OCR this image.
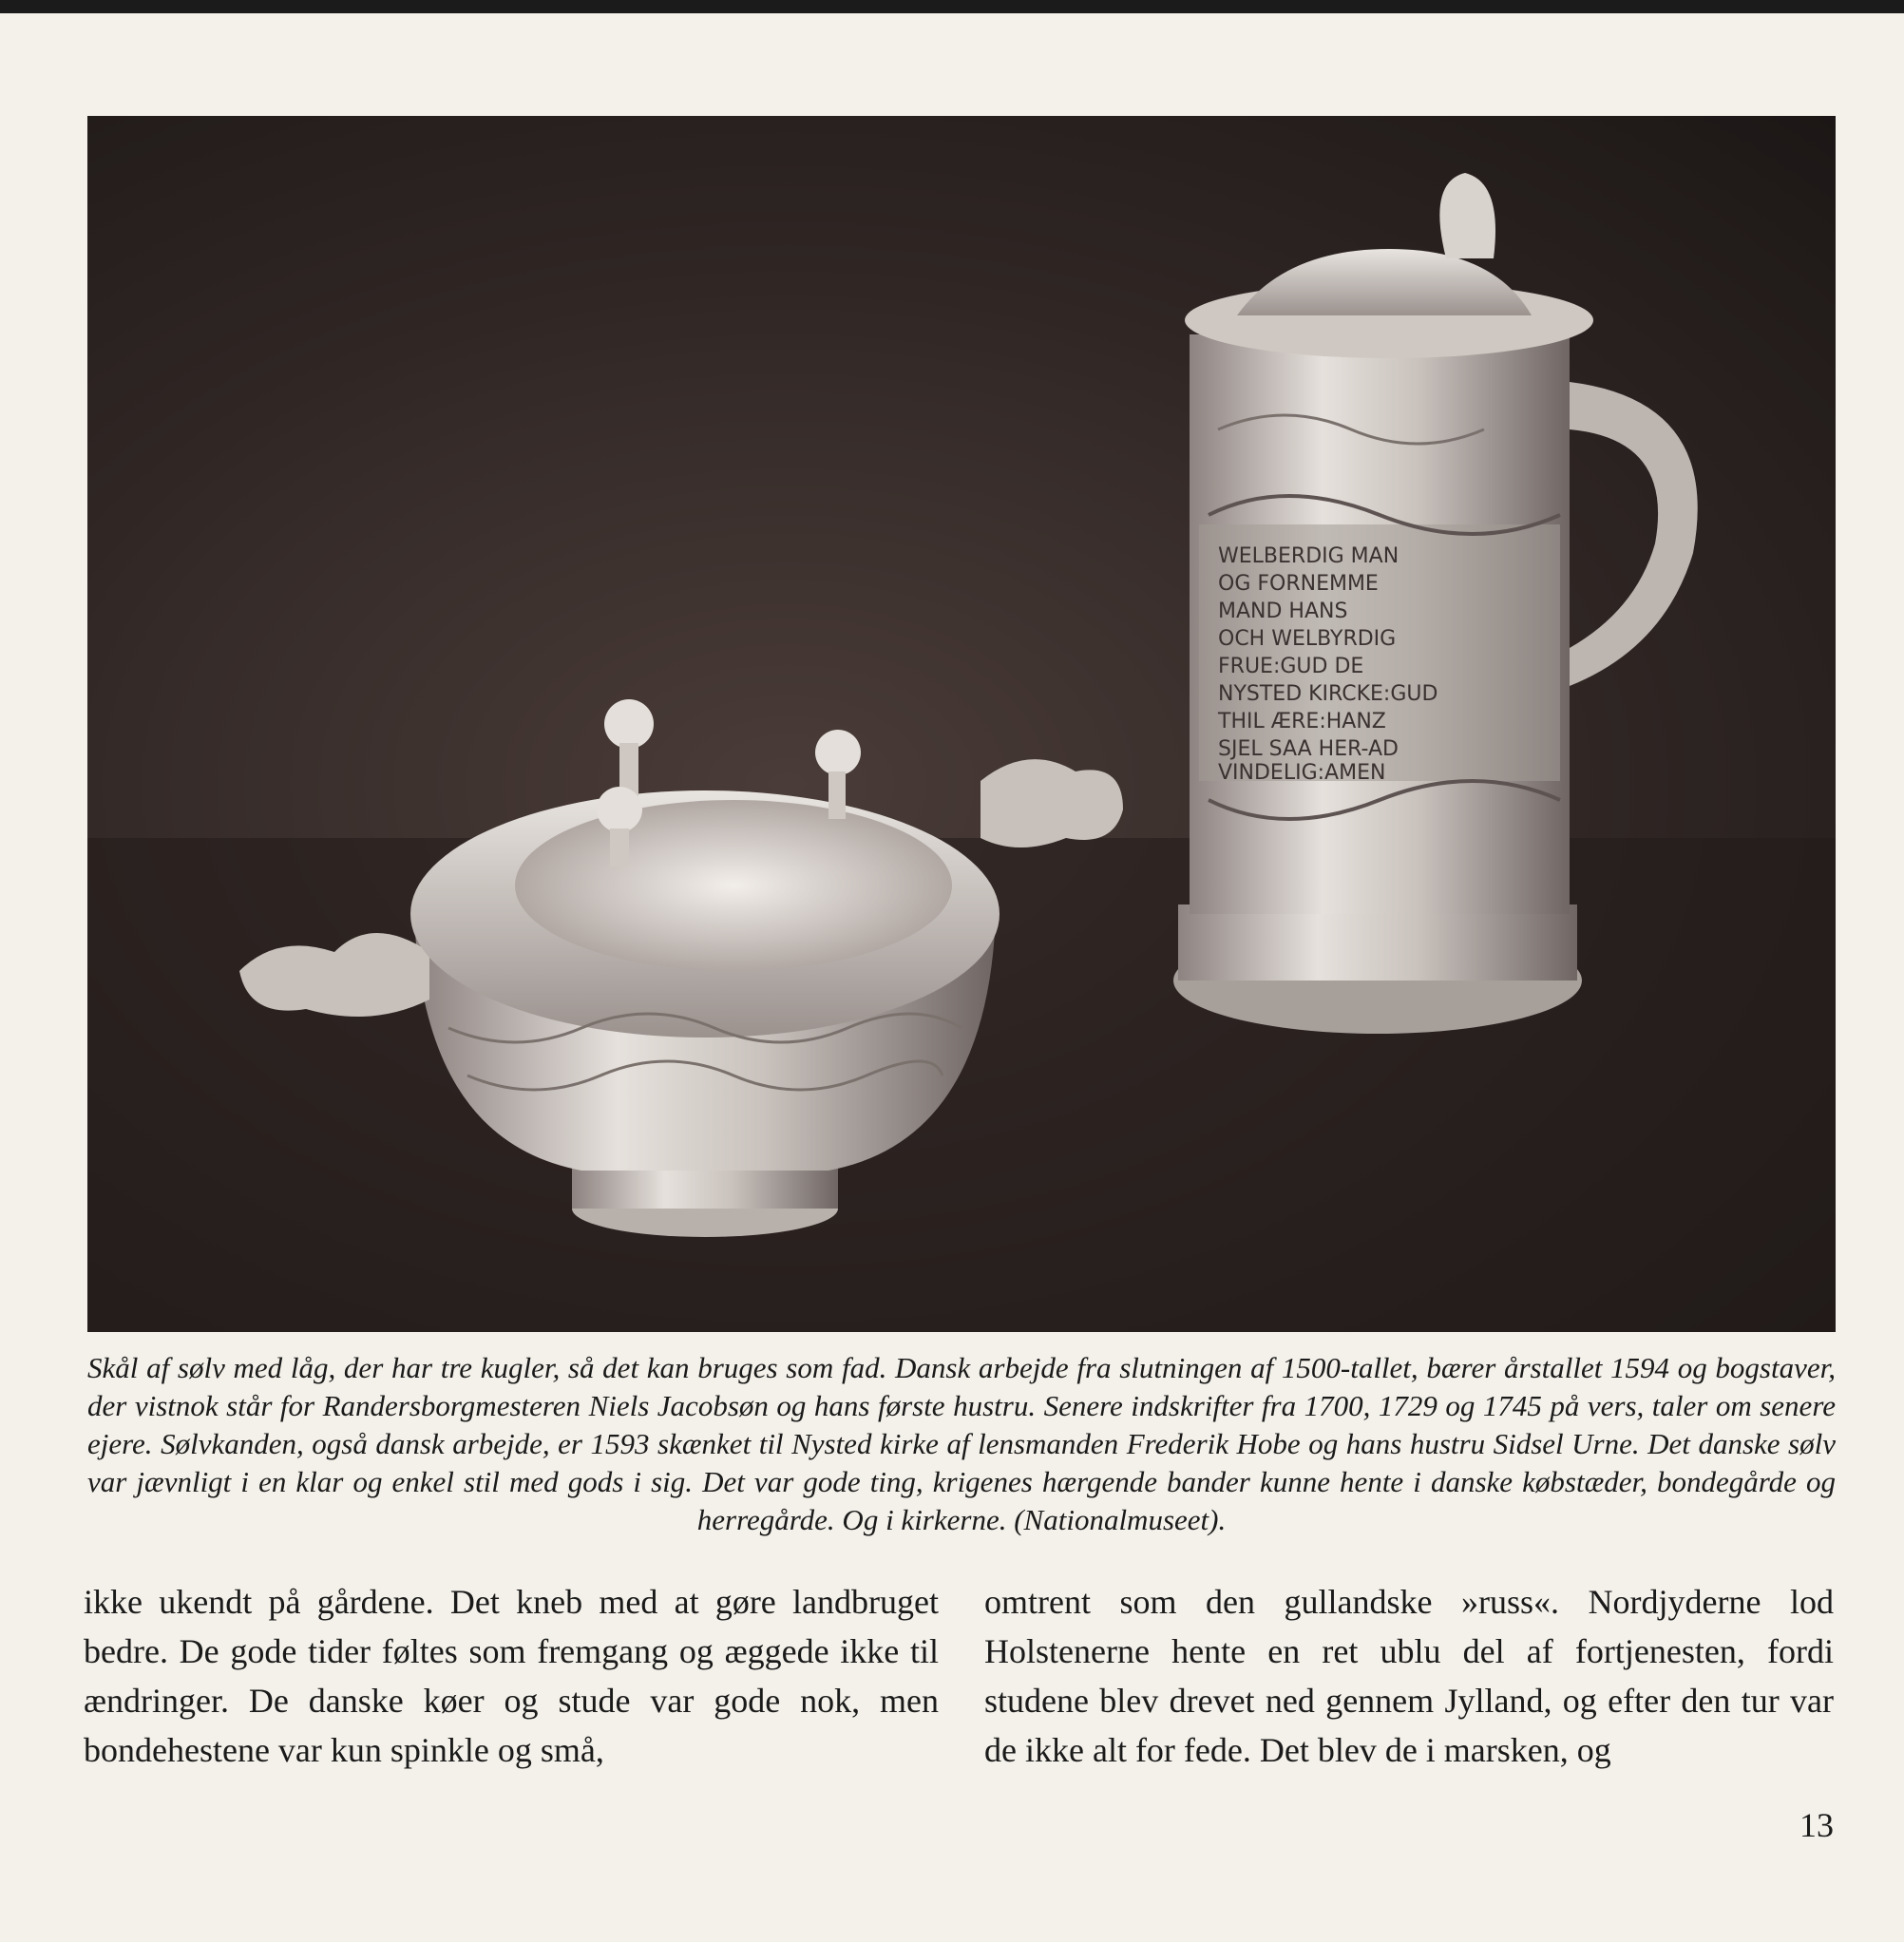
WELBERDIG MAN
OG FORNEMME
MAND HANS
OCH WELBYRDIG
FRUE:GUD DE
NYSTED KIRCKE:GUD
THIL ÆRE:HANZ
SJEL SAA HER-AD
VINDELIG:AMEN
Skål af sølv med låg, der har tre kugler, så det kan bruges som fad. Dansk arbejde fra slutningen af 1500-tallet, bærer årstallet 1594 og bogstaver, der vistnok står for Randersborgmesteren Niels Jacobsøn og hans første hustru. Senere indskrifter fra 1700, 1729 og 1745 på vers, taler om senere ejere. Sølvkanden, også dansk arbejde, er 1593 skænket til Nysted kirke af lensmanden Frederik Hobe og hans hustru Sidsel Urne. Det danske sølv var jævnligt i en klar og enkel stil med gods i sig. Det var gode ting, krigenes hærgende bander kunne hente i danske købstæder, bondegårde og herregårde. Og i kirkerne. (Nationalmuseet).
ikke ukendt på gårdene. Det kneb med at gøre landbruget bedre. De gode tider føltes som fremgang og æggede ikke til ændringer. De danske køer og stude var gode nok, men bondehestene var kun spinkle og små,
omtrent som den gullandske »russ«. Nordjyderne lod Holstenerne hente en ret ublu del af fortjenesten, fordi studene blev drevet ned gennem Jylland, og efter den tur var de ikke alt for fede. Det blev de i marsken, og
13
